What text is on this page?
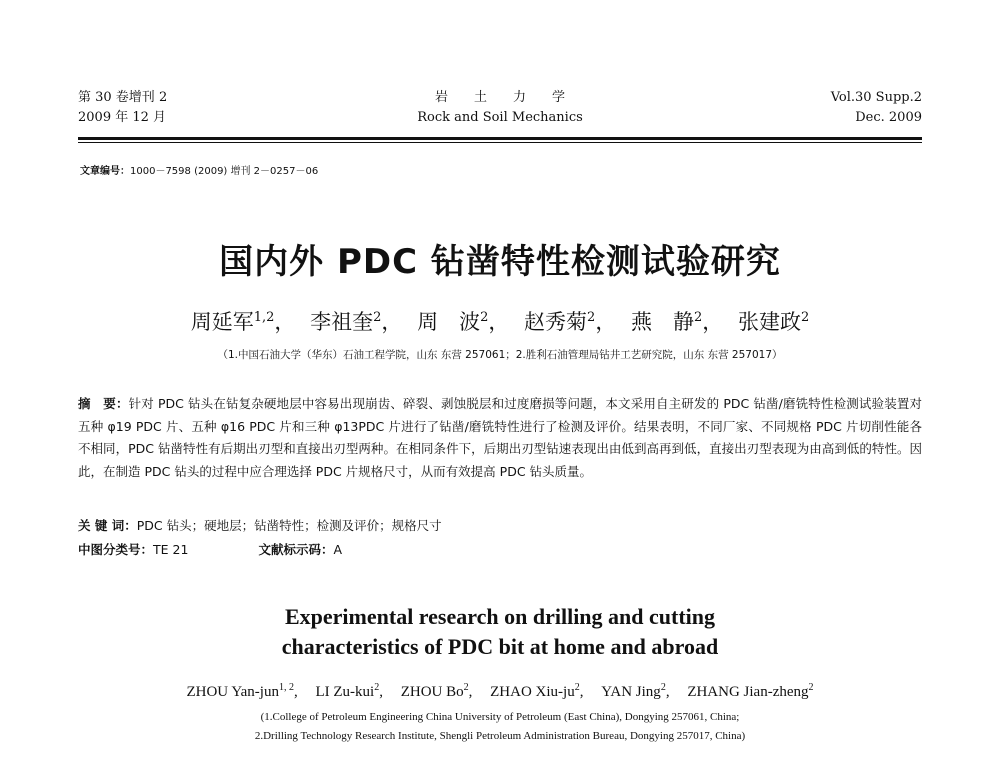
第 30 卷增刊 2
2009 年 12 月
岩土力学
Rock and Soil Mechanics
Vol.30 Supp.2
Dec. 2009
文章编号：1000－7598 (2009) 增刊 2－0257－06
国内外 PDC 钻凿特性检测试验研究
周延军$^{1,2}$， 李祖奎$^2$， 周　波$^2$， 赵秀菊$^2$， 燕　静$^2$， 张建政$^2$
（1.中国石油大学（华东）石油工程学院，山东 东营 257061；2.胜利石油管理局钻井工艺研究院，山东 东营 257017）
摘　要：针对 PDC 钻头在钻复杂硬地层中容易出现崩齿、碎裂、剥蚀脱层和过度磨损等问题，本文采用自主研发的 PDC 钻凿/磨铣特性检测试验装置对五种 φ19 PDC 片、五种 φ16 PDC 片和三种 φ13PDC 片进行了钻凿/磨铣特性进行了检测及评价。结果表明，不同厂家、不同规格 PDC 片切削性能各不相同，PDC 钻凿特性有后期出刃型和直接出刃型两种。在相同条件下，后期出刃型钻速表现出由低到高再到低，直接出刃型表现为由高到低的特性。因此，在制造 PDC 钻头的过程中应合理选择 PDC 片规格尺寸，从而有效提高 PDC 钻头质量。
关 键 词：PDC 钻头；硬地层；钻凿特性；检测及评价；规格尺寸
中图分类号：TE 21	文献标示码：A
Experimental research on drilling and cutting
characteristics of PDC bit at home and abroad
ZHOU Yan-jun$^{1, 2}$, LI Zu-kui$^2$, ZHOU Bo$^2$, ZHAO Xiu-$ju^2$, YAN Jing$^2$, ZHANG Jian-zheng$^2$
(1.College of Petroleum Engineering China University of Petroleum (East China), Dongying 257061, China;
2.Drilling Technology Research Institute, Shengli Petroleum Administration Bureau, Dongying 257017, China)
